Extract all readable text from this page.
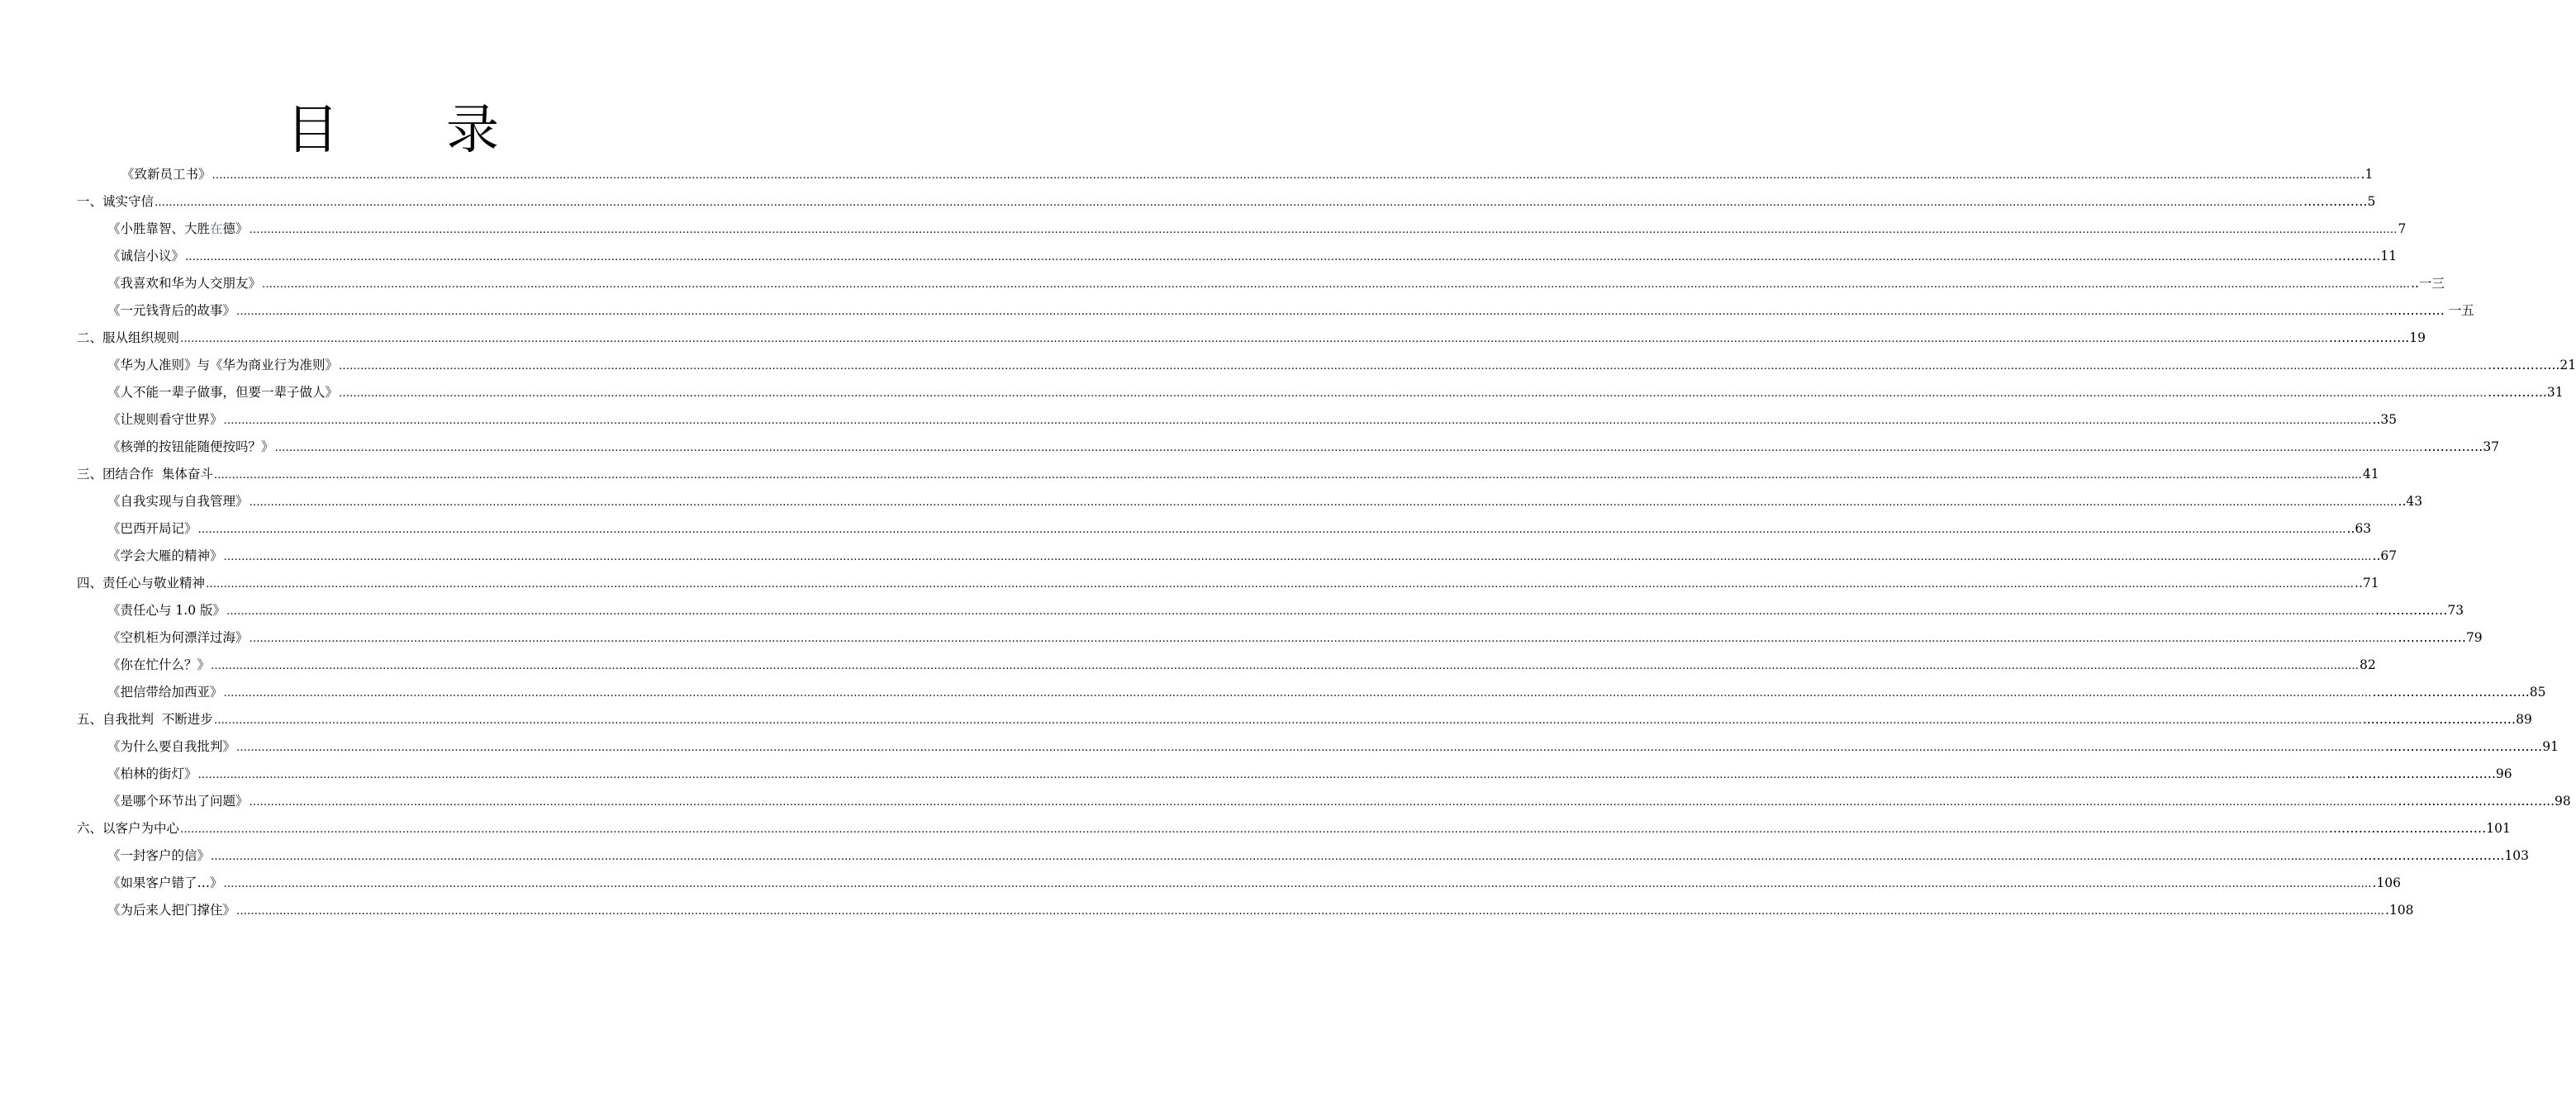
目 录
《致新员工书》 …………………………………………………………………………………………………………………………………………………………………………………………………………………………………………………………………………………………………………………………………………………………………………………………………………………………………………………………………………………………………………………………………………………… .1
一、 诚实守信 …………………………………………………………………………………………………………………………………………………………………………………………………………………………………………………………………………………………………………………………………………………………………………………………………………………………………………………………………………………………………………………………………………………… ……………5
《小胜靠智、大胜在德》 …………………………………………………………………………………………………………………………………………………………………………………………………………………………………………………………………………………………………………………………………………………………………………………………………………………………………………………………………………………………………………………………………………………… 7
《诚信小议》 …………………………………………………………………………………………………………………………………………………………………………………………………………………………………………………………………………………………………………………………………………………………………………………………………………………………………………………………………………………………………………………………………………………… ..………11
《我喜欢和华为人交朋友》 …………………………………………………………………………………………………………………………………………………………………………………………………………………………………………………………………………………………………………………………………………………………………………………………………………………………………………………………………………………………………………………………………………………… ..一三
《一元钱背后的故事》 …………………………………………………………………………………………………………………………………………………………………………………………………………………………………………………………………………………………………………………………………………………………………………………………………………………………………………………………………………………………………………………………………………………… ..………… 一五
二、 服从组织规则 …………………………………………………………………………………………………………………………………………………………………………………………………………………………………………………………………………………………………………………………………………………………………………………………………………………………………………………………………………………………………………………………………………………… ..……………..19
《华为人准则》与《华为商业行为准则》 …………………………………………………………………………………………………………………………………………………………………………………………………………………………………………………………………………………………………………………………………………………………………………………………………………………………………………………………………………………………………………………………………………………… ……………..21
《人不能一辈子做事，但要一辈子做人》 …………………………………………………………………………………………………………………………………………………………………………………………………………………………………………………………………………………………………………………………………………………………………………………………………………………………………………………………………………………………………………………………………………………… …………..31
《让规则看守世界》 …………………………………………………………………………………………………………………………………………………………………………………………………………………………………………………………………………………………………………………………………………………………………………………………………………………………………………………………………………………………………………………………………………………… ..35
《核弹的按钮能随便按吗？》 …………………………………………………………………………………………………………………………………………………………………………………………………………………………………………………………………………………………………………………………………………………………………………………………………………………………………………………………………………………………………………………………………………………… ..…………37
三、 团结合作  集体奋斗 …………………………………………………………………………………………………………………………………………………………………………………………………………………………………………………………………………………………………………………………………………………………………………………………………………………………………………………………………………………………………………………………………………………… 41
《自我实现与自我管理》 …………………………………………………………………………………………………………………………………………………………………………………………………………………………………………………………………………………………………………………………………………………………………………………………………………………………………………………………………………………………………………………………………………………… ..43
《巴西开局记》 …………………………………………………………………………………………………………………………………………………………………………………………………………………………………………………………………………………………………………………………………………………………………………………………………………………………………………………………………………………………………………………………………………………… ..63
《学会大雁的精神》 …………………………………………………………………………………………………………………………………………………………………………………………………………………………………………………………………………………………………………………………………………………………………………………………………………………………………………………………………………………………………………………………………………………… ..67
四、 责任心与敬业精神 …………………………………………………………………………………………………………………………………………………………………………………………………………………………………………………………………………………………………………………………………………………………………………………………………………………………………………………………………………………………………………………………………………………… ..71
《责任心与 1.0 版》 …………………………………………………………………………………………………………………………………………………………………………………………………………………………………………………………………………………………………………………………………………………………………………………………………………………………………………………………………………………………………………………………………………………… ..……………73
《空机柜为何漂洋过海》 …………………………………………………………………………………………………………………………………………………………………………………………………………………………………………………………………………………………………………………………………………………………………………………………………………………………………………………………………………………………………………………………………………………… .……………79
《你在忙什么？》 …………………………………………………………………………………………………………………………………………………………………………………………………………………………………………………………………………………………………………………………………………………………………………………………………………………………………………………………………………………………………………………………………………………… 82
《把信带给加西亚》 …………………………………………………………………………………………………………………………………………………………………………………………………………………………………………………………………………………………………………………………………………………………………………………………………………………………………………………………………………………………………………………………………………………… ..……………………………..85
五、 自我批判  不断进步 …………………………………………………………………………………………………………………………………………………………………………………………………………………………………………………………………………………………………………………………………………………………………………………………………………………………………………………………………………………………………………………………………………………… ...……………………………89
《为什么要自我批判》 …………………………………………………………………………………………………………………………………………………………………………………………………………………………………………………………………………………………………………………………………………………………………………………………………………………………………………………………………………………………………………………………………………………… ..…………..…………………91
《柏林的街灯》 …………………………………………………………………………………………………………………………………………………………………………………………………………………………………………………………………………………………………………………………………………………………………………………………………………………………………………………………………………………………………………………………………………………… .…………………………….96
《是哪个环节出了问题》 …………………………………………………………………………………………………………………………………………………………………………………………………………………………………………………………………………………………………………………………………………………………………………………………………………………………………………………………………………………………………………………………………………………… .……...……………………...98
六、 以客户为中心 …………………………………………………………………………………………………………………………………………………………………………………………………………………………………………………………………………………………………………………………………………………………………………………………………………………………………………………………………………………………………………………………………………………… ..…………..…………………101
《一封客户的信》 …………………………………………………………………………………………………………………………………………………………………………………………………………………………………………………………………………………………………………………………………………………………………………………………………………………………………………………………………………………………………………………………………………………… .……………………………103
《如果客户错了…》 …………………………………………………………………………………………………………………………………………………………………………………………………………………………………………………………………………………………………………………………………………………………………………………………………………………………………………………………………………………………………………………………………………………… .106
《为后来人把门撑住》 …………………………………………………………………………………………………………………………………………………………………………………………………………………………………………………………………………………………………………………………………………………………………………………………………………………………………………………………………………………………………………………………………………………… .108
